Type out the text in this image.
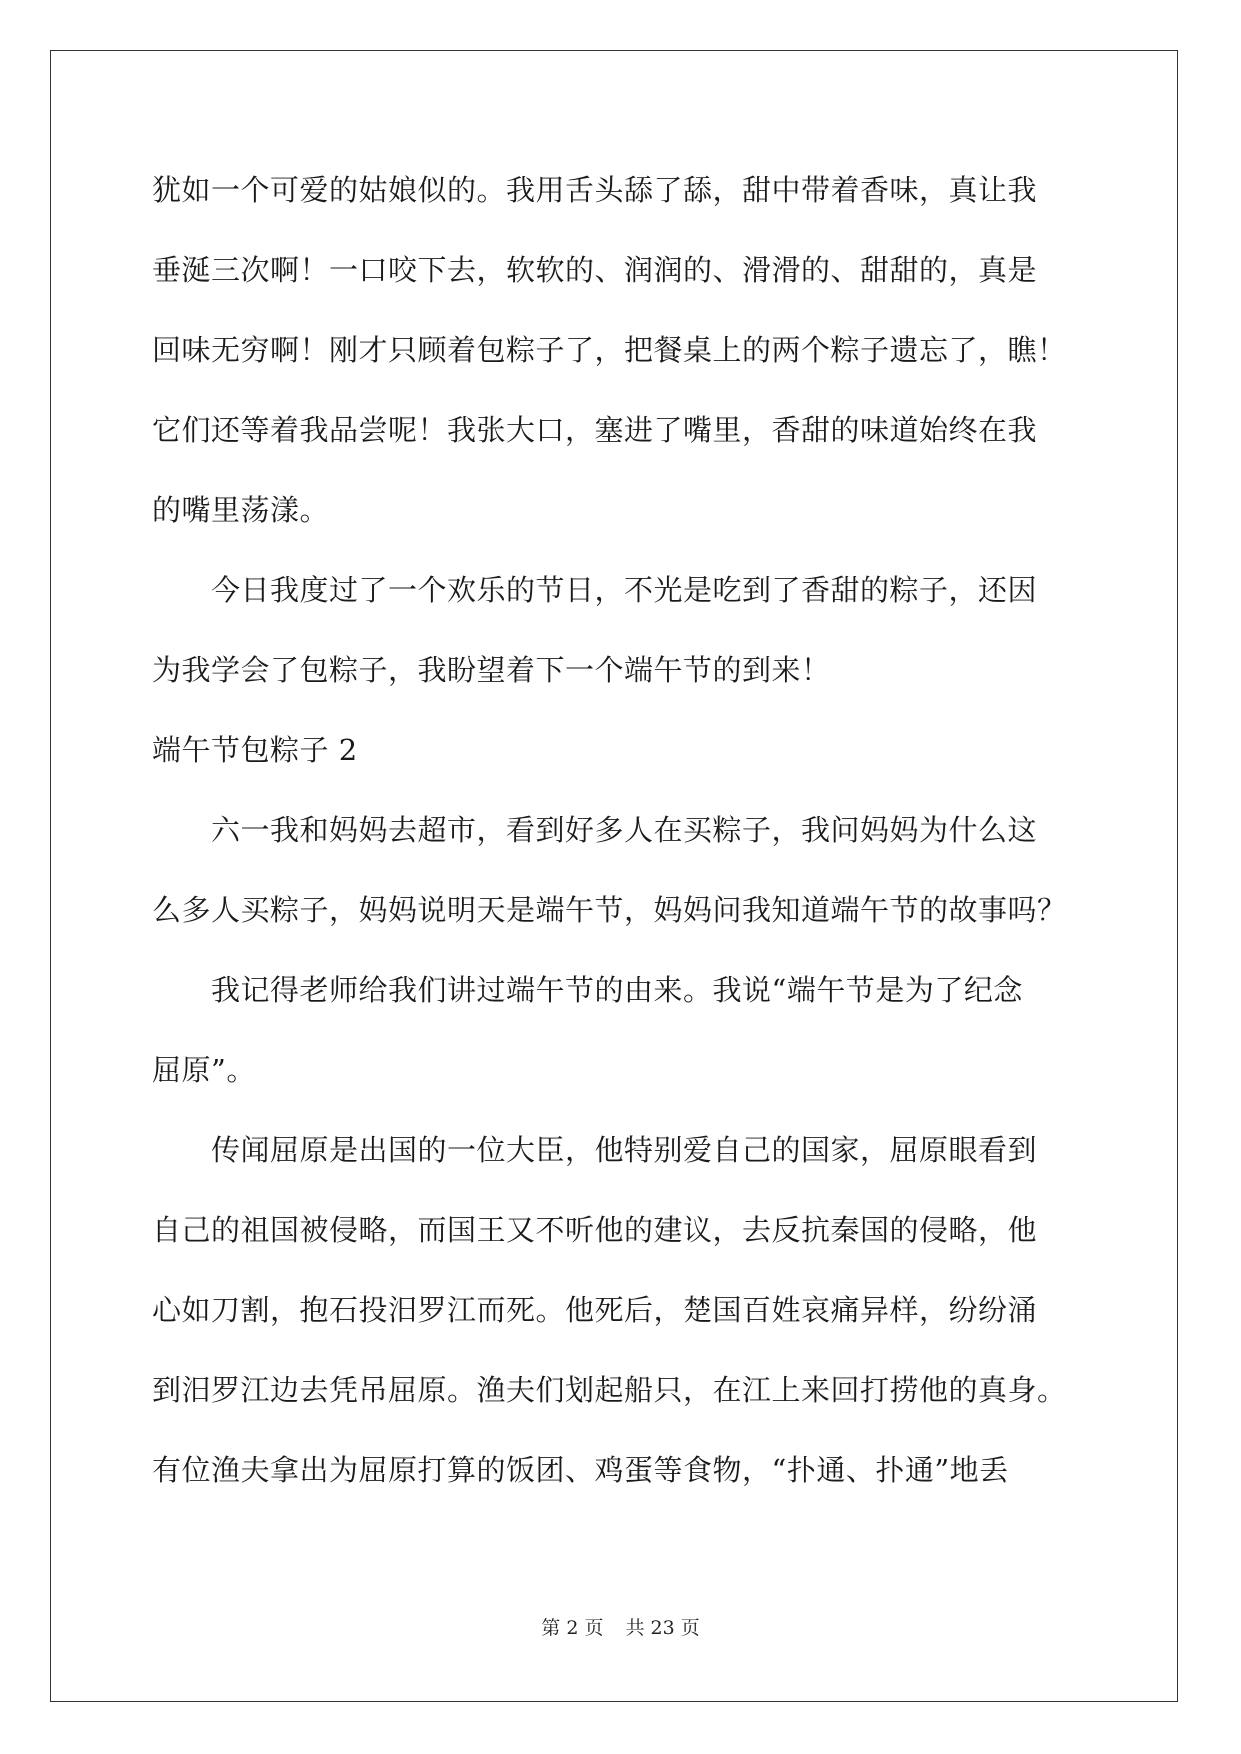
犹如一个可爱的姑娘似的。我用舌头舔了舔，甜中带着香味，真让我
垂涎三次啊！一口咬下去，软软的、润润的、滑滑的、甜甜的，真是
回味无穷啊！刚才只顾着包粽子了，把餐桌上的两个粽子遗忘了，瞧！
它们还等着我品尝呢！我张大口，塞进了嘴里，香甜的味道始终在我
的嘴里荡漾。
　　今日我度过了一个欢乐的节日，不光是吃到了香甜的粽子，还因
为我学会了包粽子，我盼望着下一个端午节的到来！
端午节包粽子 2
　　六一我和妈妈去超市，看到好多人在买粽子，我问妈妈为什么这
么多人买粽子，妈妈说明天是端午节，妈妈问我知道端午节的故事吗？
　　我记得老师给我们讲过端午节的由来。我说“端午节是为了纪念
屈原”。
　　传闻屈原是出国的一位大臣，他特别爱自己的国家，屈原眼看到
自己的祖国被侵略，而国王又不听他的建议，去反抗秦国的侵略，他
心如刀割，抱石投汨罗江而死。他死后，楚国百姓哀痛异样，纷纷涌
到汨罗江边去凭吊屈原。渔夫们划起船只，在江上来回打捞他的真身。
有位渔夫拿出为屈原打算的饭团、鸡蛋等食物，“扑通、扑通”地丢
第 2 页 共 23 页
